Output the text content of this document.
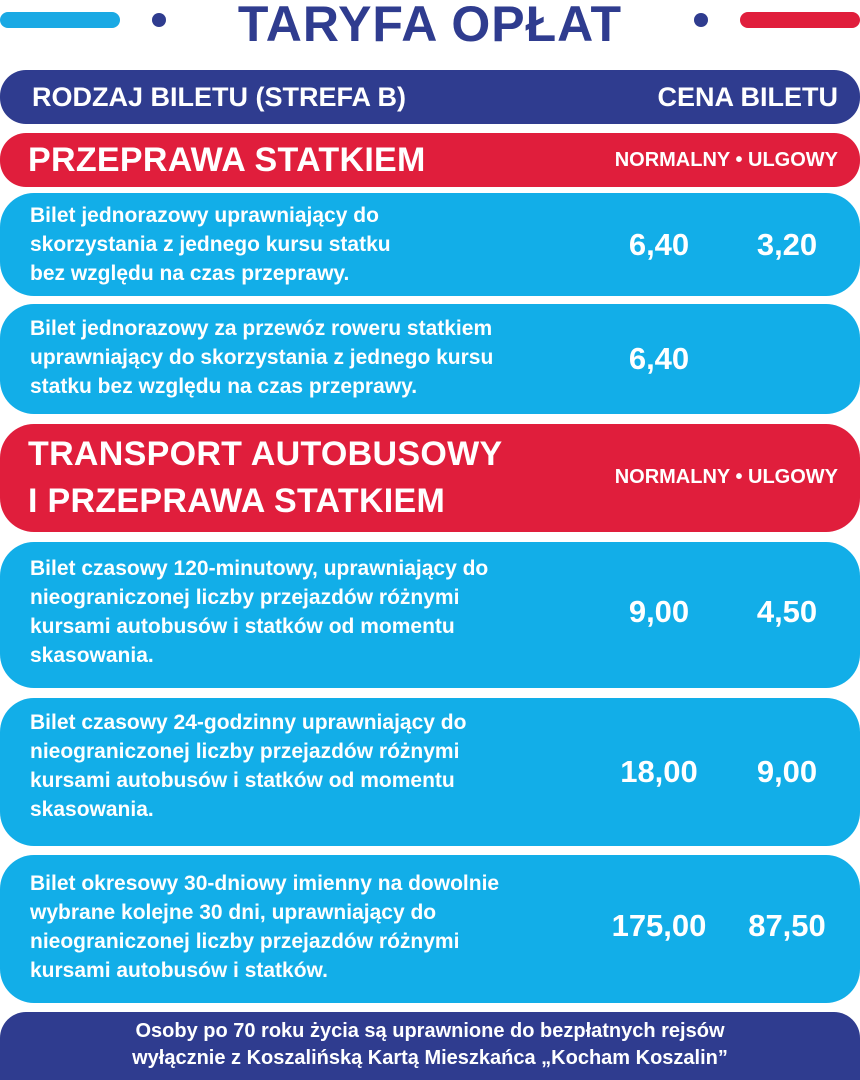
TARYFA OPŁAT
RODZAJ BILETU (STREFA B)	CENA BILETU
PRZEPRAWA STATKIEM	NORMALNY • ULGOWY
Bilet jednorazowy uprawniający do
skorzystania z jednego kursu statku
bez względu na czas przeprawy.
6,40	3,20
Bilet jednorazowy za przewóz roweru statkiem
uprawniający do skorzystania z jednego kursu
statku bez względu na czas przeprawy.
6,40
TRANSPORT AUTOBUSOWY
I PRZEPRAWA STATKIEM
NORMALNY • ULGOWY
Bilet czasowy 120-minutowy, uprawniający do
nieograniczonej liczby przejazdów różnymi
kursami autobusów i statków od momentu
skasowania.
9,00	4,50
Bilet czasowy 24-godzinny uprawniający do
nieograniczonej liczby przejazdów różnymi
kursami autobusów i statków od momentu
skasowania.
18,00	9,00
Bilet okresowy 30-dniowy imienny na dowolnie
wybrane kolejne 30 dni, uprawniający do
nieograniczonej liczby przejazdów różnymi
kursami autobusów i statków.
175,00	87,50
Osoby po 70 roku życia są uprawnione do bezpłatnych rejsów
wyłącznie z Koszalińską Kartą Mieszkańca „Kocham Koszalin”
